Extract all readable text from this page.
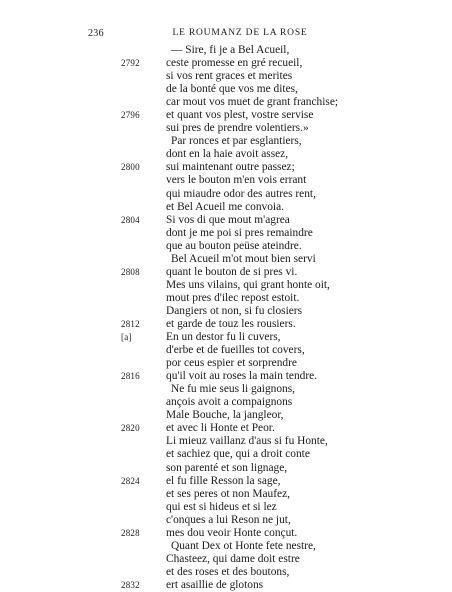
236	LE ROUMANZ DE LA ROSE
— Sire, fi je a Bel Acueil,
2792 ceste promesse en gré recueil,
si vos rent graces et merites
de la bonté que vos me dites,
car mout vos muet de grant franchise;
2796 et quant vos plest, vostre servise
sui pres de prendre volentiers.»
Par ronces et par esglantiers,
dont en la haie avoit assez,
2800 sui maintenant outre passez;
vers le bouton m'en vois errant
qui miaudre odor des autres rent,
et Bel Acueil me convoia.
2804 Si vos di que mout m'agrea
dont je me poi si pres remaindre
que au bouton peüse ateindre.
Bel Acueil m'ot mout bien servi
2808 quant le bouton de si pres vi.
Mes uns vilains, qui grant honte oit,
mout pres d'ilec repost estoit.
Dangiers ot non, si fu closiers
2812 et garde de touz les rousiers.
[a]	En un destor fu li cuvers,
d'erbe et de fueilles tot covers,
por ceus espier et sorprendre
2816 qu'il voit au roses la main tendre.
Ne fu mie seus li gaignons,
ançois avoit a compaignons
Male Bouche, la jangleor,
2820 et avec li Honte et Peor.
Li mieuz vaillanz d'aus si fu Honte,
et sachiez que, qui a droit conte
son parenté et son lignage,
2824 el fu fille Resson la sage,
et ses peres ot non Maufez,
qui est si hideus et si lez
c'onques a lui Reson ne jut,
2828 mes dou veoir Honte conçut.
Quant Dex ot Honte fete nestre,
Chasteez, qui dame doit estre
et des roses et des boutons,
2832 ert asaillie de glotons
